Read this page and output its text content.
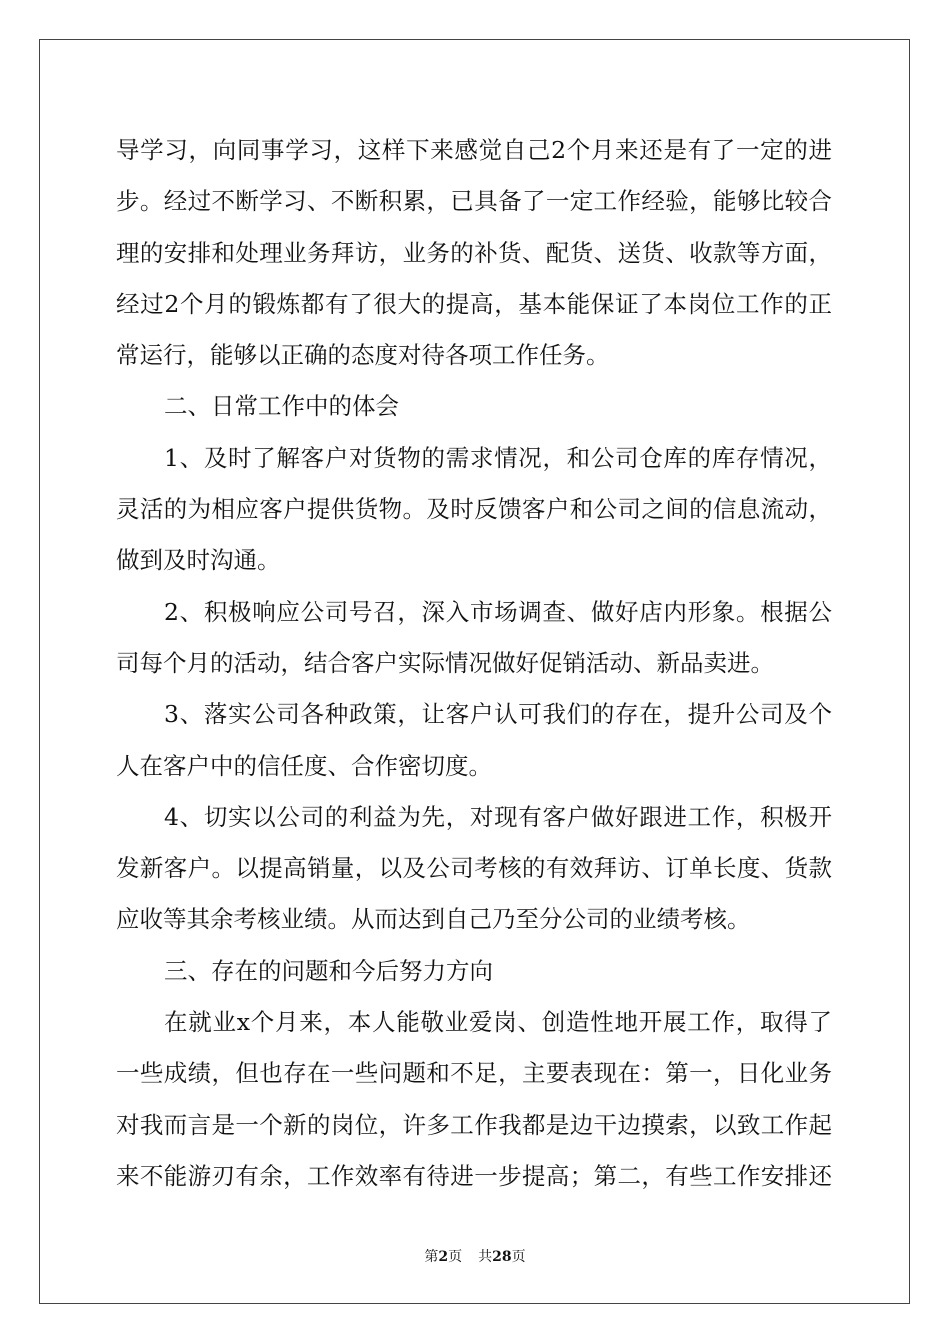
导学习，向同事学习，这样下来感觉自己2个月来还是有了一定的进
步。经过不断学习、不断积累，已具备了一定工作经验，能够比较合
理的安排和处理业务拜访，业务的补货、配货、送货、收款等方面，
经过2个月的锻炼都有了很大的提高，基本能保证了本岗位工作的正
常运行，能够以正确的态度对待各项工作任务。
二、日常工作中的体会
1、及时了解客户对货物的需求情况，和公司仓库的库存情况，
灵活的为相应客户提供货物。及时反馈客户和公司之间的信息流动，
做到及时沟通。
2、积极响应公司号召，深入市场调查、做好店内形象。根据公
司每个月的活动，结合客户实际情况做好促销活动、新品卖进。
3、落实公司各种政策，让客户认可我们的存在，提升公司及个
人在客户中的信任度、合作密切度。
4、切实以公司的利益为先，对现有客户做好跟进工作，积极开
发新客户。以提高销量，以及公司考核的有效拜访、订单长度、货款
应收等其余考核业绩。从而达到自己乃至分公司的业绩考核。
三、存在的问题和今后努力方向
在就业x个月来，本人能敬业爱岗、创造性地开展工作，取得了
一些成绩，但也存在一些问题和不足，主要表现在：第一，日化业务
对我而言是一个新的岗位，许多工作我都是边干边摸索，以致工作起
来不能游刃有余，工作效率有待进一步提高；第二，有些工作安排还
第2页 共28页
